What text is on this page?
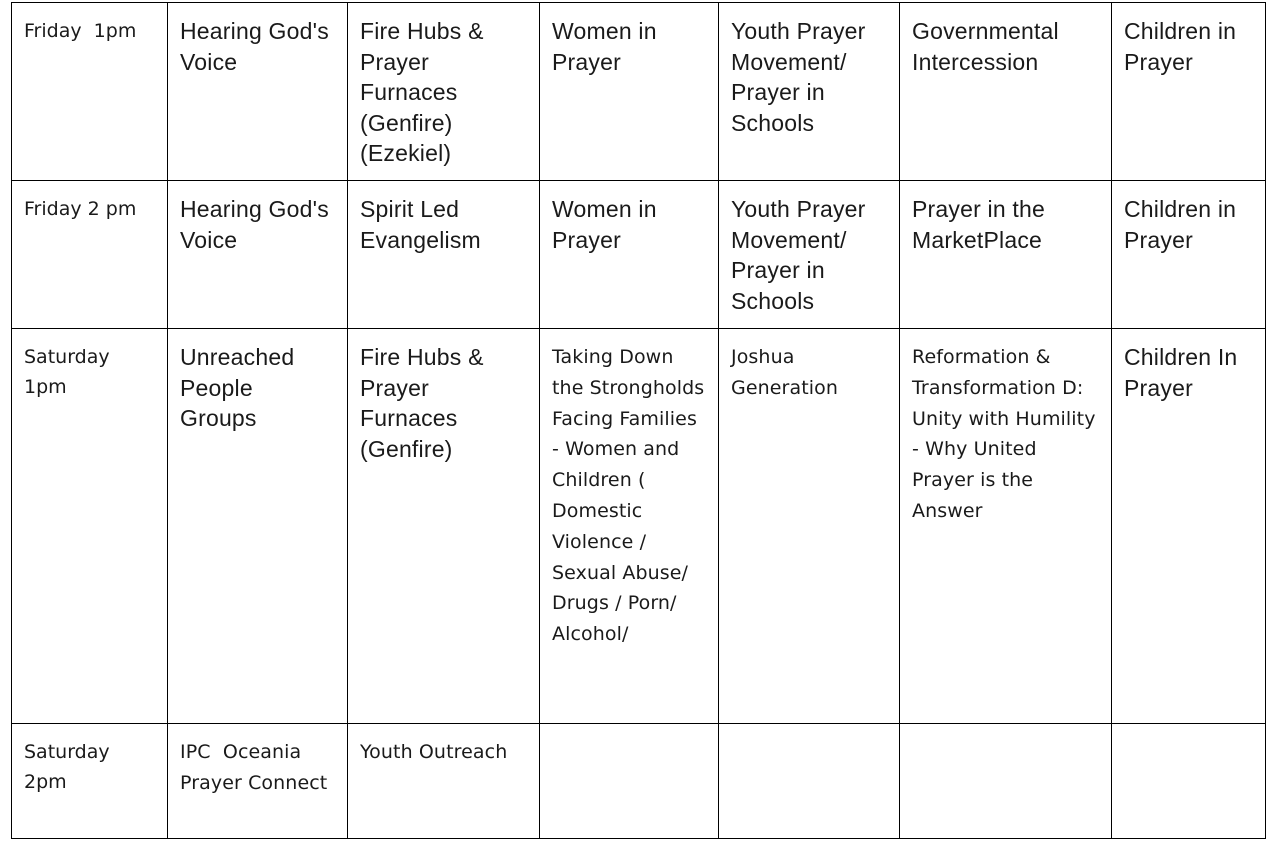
Friday  1pm	Hearing God's Voice	Fire Hubs & Prayer Furnaces (Genfire) (Ezekiel)	Women in Prayer	Youth Prayer Movement/ Prayer in Schools	Governmental Intercession	Children in Prayer

Friday 2 pm	Hearing God's Voice	Spirit Led Evangelism	Women in Prayer	Youth Prayer Movement/ Prayer in Schools	Prayer in the MarketPlace	Children in Prayer

Saturday 1pm	Unreached People Groups	Fire Hubs & Prayer Furnaces (Genfire)	Taking Down the Strongholds Facing Families - Women and Children ( Domestic Violence / Sexual Abuse/ Drugs / Porn/ Alcohol/	Joshua Generation	Reformation & Transformation D: Unity with Humility - Why United Prayer is the Answer	Children In Prayer

Saturday 2pm	IPC  Oceania Prayer Connect	Youth Outreach				
